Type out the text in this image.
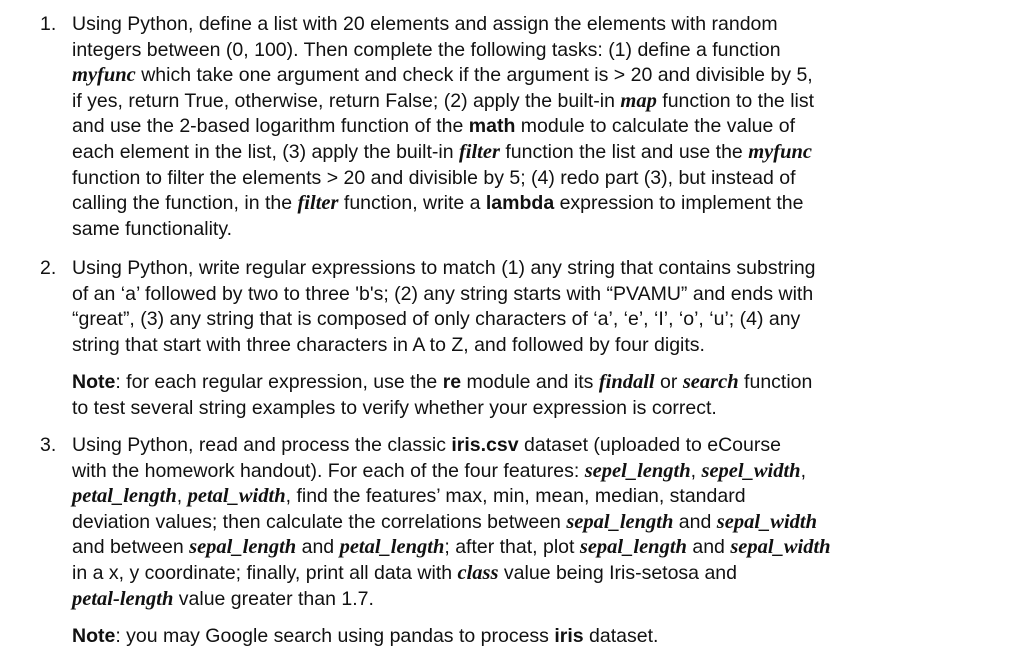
1. Using Python, define a list with 20 elements and assign the elements with random
integers between (0, 100). Then complete the following tasks: (1) define a function
myfunc which take one argument and check if the argument is > 20 and divisible by 5,
if yes, return True, otherwise, return False; (2) apply the built-in map function to the list
and use the 2-based logarithm function of the math module to calculate the value of
each element in the list, (3) apply the built-in filter function the list and use the myfunc
function to filter the elements > 20 and divisible by 5; (4) redo part (3), but instead of
calling the function, in the filter function, write a lambda expression to implement the
same functionality.
2. Using Python, write regular expressions to match (1) any string that contains substring
of an ‘a’ followed by two to three 'b's; (2) any string starts with “PVAMU” and ends with
“great”, (3) any string that is composed of only characters of ‘a’, ‘e’, ‘I’, ‘o’, ‘u’; (4) any
string that start with three characters in A to Z, and followed by four digits.
Note: for each regular expression, use the re module and its findall or search function
to test several string examples to verify whether your expression is correct.
3. Using Python, read and process the classic iris.csv dataset (uploaded to eCourse
with the homework handout). For each of the four features: sepel_length, sepel_width,
petal_length, petal_width, find the features’ max, min, mean, median, standard
deviation values; then calculate the correlations between sepal_length and sepal_width
and between sepal_length and petal_length; after that, plot sepal_length and sepal_width
in a x, y coordinate; finally, print all data with class value being Iris-setosa and
petal-length value greater than 1.7.
Note: you may Google search using pandas to process iris dataset.
